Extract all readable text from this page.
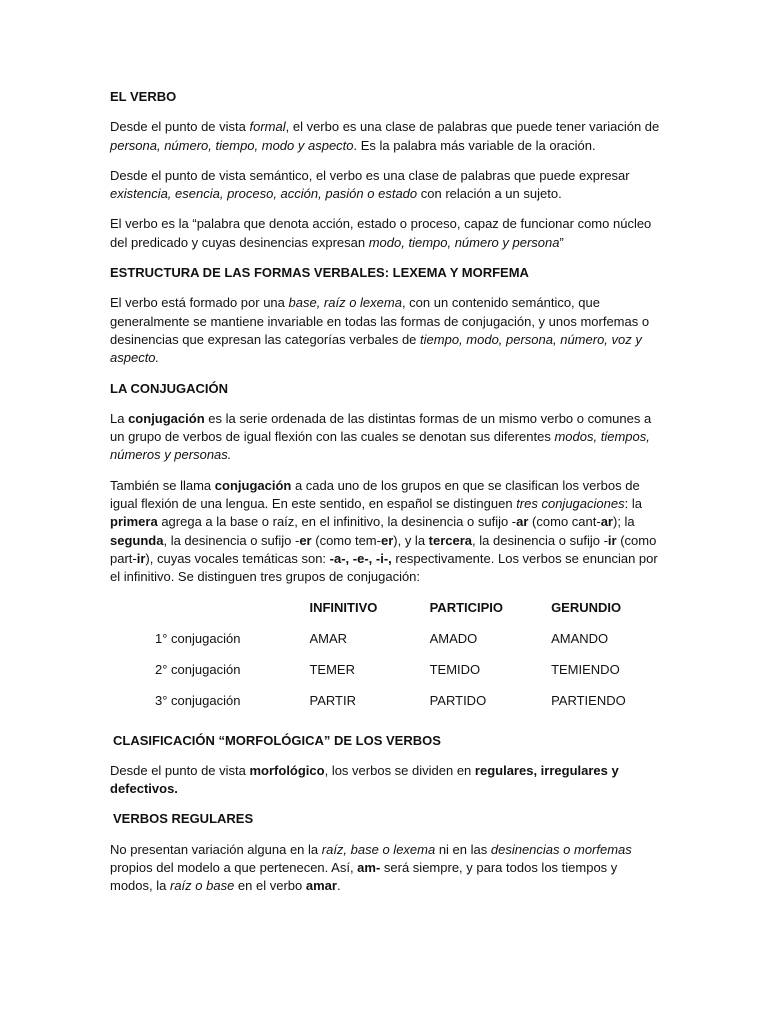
EL VERBO
Desde el punto de vista formal, el verbo es una clase de palabras que puede tener variación de persona, número, tiempo, modo y aspecto. Es la palabra más variable de la oración.
Desde el punto de vista semántico, el verbo es una clase de palabras que puede expresar existencia, esencia, proceso, acción, pasión o estado con relación a un sujeto.
El verbo es la “palabra que denota acción, estado o proceso, capaz de funcionar como núcleo del predicado y cuyas desinencias expresan modo, tiempo, número y persona”
ESTRUCTURA DE LAS FORMAS VERBALES: LEXEMA Y MORFEMA
El verbo está formado por una base, raíz o lexema, con un contenido semántico, que generalmente se mantiene invariable en todas las formas de conjugación, y unos morfemas o desinencias que expresan las categorías verbales de tiempo, modo, persona, número, voz y aspecto.
LA CONJUGACIÓN
La conjugación es la serie ordenada de las distintas formas de un mismo verbo o comunes a un grupo de verbos de igual flexión con las cuales se denotan sus diferentes modos, tiempos, números y personas.
También se llama conjugación a cada uno de los grupos en que se clasifican los verbos de igual flexión de una lengua. En este sentido, en español se distinguen tres conjugaciones: la primera agrega a la base o raíz, en el infinitivo, la desinencia o sufijo -ar (como cant-ar); la segunda, la desinencia o sufijo -er (como tem-er), y la tercera, la desinencia o sufijo -ir (como part-ir), cuyas vocales temáticas son: -a-, -e-, -i-, respectivamente. Los verbos se enuncian por el infinitivo. Se distinguen tres grupos de conjugación:
	INFINITIVO	PARTICIPIO	GERUNDIO
1° conjugación	AMAR	AMADO	AMANDO
2° conjugación	TEMER	TEMIDO	TEMIENDO
3° conjugación	PARTIR	PARTIDO	PARTIENDO
CLASIFICACIÓN “MORFOLÓGICA” DE LOS VERBOS
Desde el punto de vista morfológico, los verbos se dividen en regulares, irregulares y defectivos.
VERBOS REGULARES
No presentan variación alguna en la raíz, base o lexema ni en las desinencias o morfemas propios del modelo a que pertenecen. Así, am- será siempre, y para todos los tiempos y modos, la raíz o base en el verbo amar.
